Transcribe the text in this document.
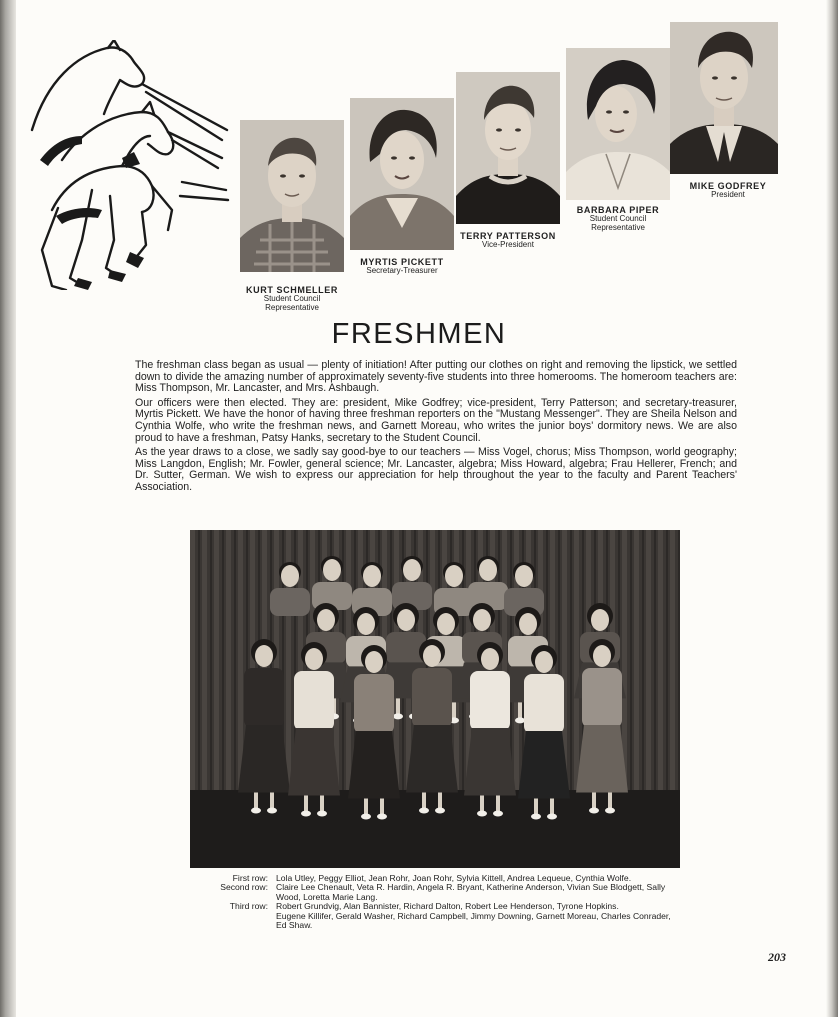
KURT SCHMELLER
Student Council
Representative
MYRTIS PICKETT
Secretary-Treasurer
TERRY PATTERSON
Vice-President
BARBARA PIPER
Student Council
Representative
MIKE GODFREY
President
FRESHMEN

The freshman class began as usual — plenty of initiation! After putting our clothes on right and removing the lipstick, we settled down to divide the amazing number of approximately seventy-five students into three homerooms. The homeroom teachers are: Miss Thompson, Mr. Lancaster, and Mrs. Ashbaugh.

Our officers were then elected. They are: president, Mike Godfrey; vice-president, Terry Patterson; and secretary-treasurer, Myrtis Pickett. We have the honor of having three freshman reporters on the "Mustang Messenger". They are Sheila Nelson and Cynthia Wolfe, who write the freshman news, and Garnett Moreau, who writes the junior boys' dormitory news. We are also proud to have a freshman, Patsy Hanks, secretary to the Student Council.

As the year draws to a close, we sadly say good-bye to our teachers — Miss Vogel, chorus; Miss Thompson, world geography; Miss Langdon, English; Mr. Fowler, general science; Mr. Lancaster, algebra; Miss Howard, algebra; Frau Hellerer, French; and Dr. Sutter, German. We wish to express our appreciation for help throughout the year to the faculty and Parent Teachers' Association.

First row: Lola Utley, Peggy Elliot, Jean Rohr, Joan Rohr, Sylvia Kittell, Andrea Lequeue, Cynthia Wolfe.
Second row: Claire Lee Chenault, Veta R. Hardin, Angela R. Bryant, Katherine Anderson, Vivian Sue Blodgett, Sally Wood, Loretta Marie Lang.
Third row: Robert Grundvig, Alan Bannister, Richard Dalton, Robert Lee Henderson, Tyrone Hopkins.
Eugene Killifer, Gerald Washer, Richard Campbell, Jimmy Downing, Garnett Moreau, Charles Conrader, Ed Shaw.
203
